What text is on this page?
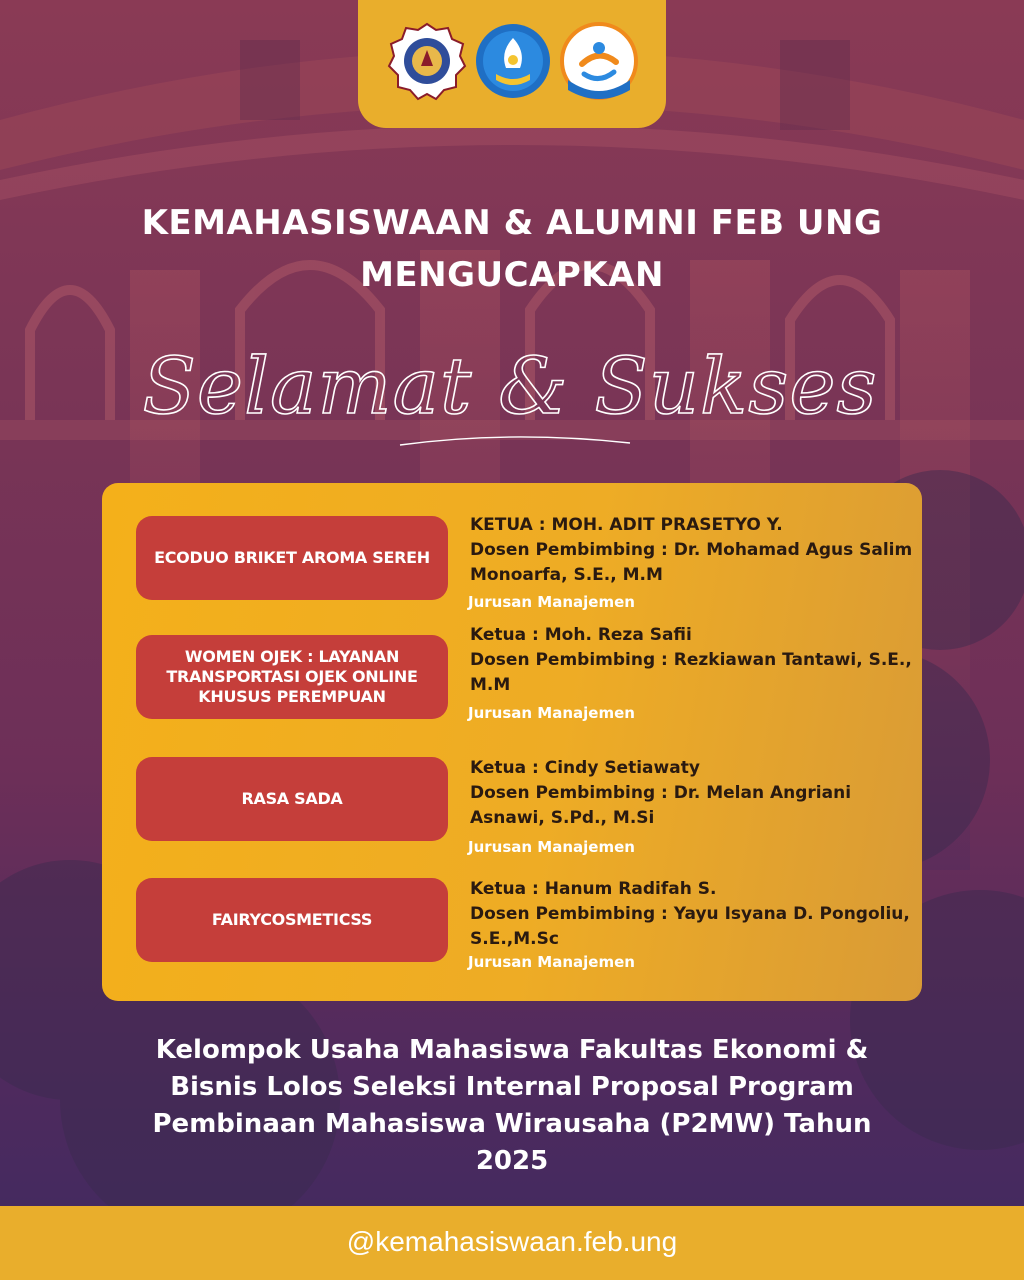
KEMAHASISWAAN & ALUMNI FEB UNG
MENGUCAPKAN
Selamat & Sukses
ECODUO BRIKET AROMA SEREH
KETUA : MOH. ADIT PRASETYO Y.
Dosen Pembimbing : Dr. Mohamad Agus Salim
Monoarfa, S.E., M.M
Jurusan Manajemen
WOMEN OJEK : LAYANAN TRANSPORTASI OJEK ONLINE KHUSUS PEREMPUAN
Ketua : Moh. Reza Safii
Dosen Pembimbing : Rezkiawan Tantawi, S.E.,
M.M
Jurusan Manajemen
RASA SADA
Ketua : Cindy Setiawaty
Dosen Pembimbing : Dr. Melan Angriani
Asnawi, S.Pd., M.Si
Jurusan Manajemen
FAIRYCOSMETICSS
Ketua : Hanum Radifah S.
Dosen Pembimbing : Yayu Isyana D. Pongoliu,
S.E.,M.Sc
Jurusan Manajemen

Kelompok Usaha Mahasiswa Fakultas Ekonomi &
Bisnis Lolos Seleksi Internal Proposal Program
Pembinaan Mahasiswa Wirausaha (P2MW) Tahun
2025

@kemahasiswaan.feb.ung
